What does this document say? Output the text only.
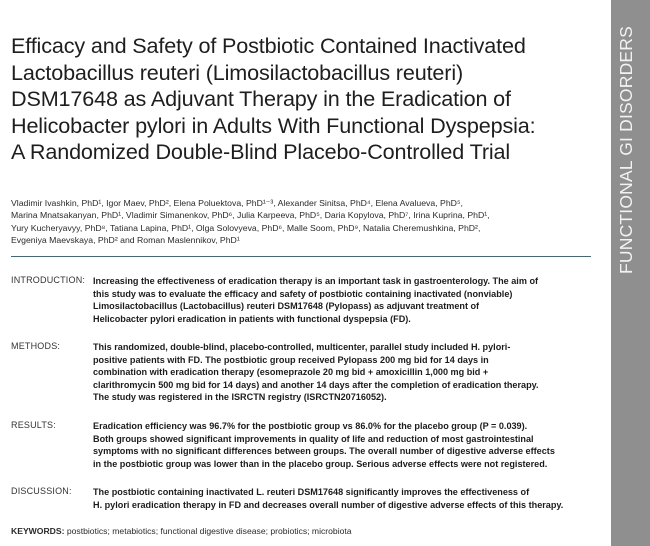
FUNCTIONAL GI DISORDERS
Efficacy and Safety of Postbiotic Contained Inactivated
Lactobacillus reuteri (Limosilactobacillus reuteri)
DSM17648 as Adjuvant Therapy in the Eradication of
Helicobacter pylori in Adults With Functional Dyspepsia:
A Randomized Double-Blind Placebo-Controlled Trial
Vladimir Ivashkin, PhD¹, Igor Maev, PhD², Elena Poluektova, PhD¹⁻³, Alexander Sinitsa, PhD⁴, Elena Avalueva, PhD⁵,
Marina Mnatsakanyan, PhD¹, Vladimir Simanenkov, PhD⁶, Julia Karpeeva, PhD⁵, Daria Kopylova, PhD⁷, Irina Kuprina, PhD¹,
Yury Kucheryavyy, PhD⁸, Tatiana Lapina, PhD¹, Olga Solovyeva, PhD⁶, Malle Soom, PhD⁹, Natalia Cheremushkina, PhD²,
Evgeniya Maevskaya, PhD² and Roman Maslennikov, PhD¹
INTRODUCTION: Increasing the effectiveness of eradication therapy is an important task in gastroenterology. The aim of
this study was to evaluate the efficacy and safety of postbiotic containing inactivated (nonviable)
Limosilactobacillus (Lactobacillus) reuteri DSM17648 (Pylopass) as adjuvant treatment of
Helicobacter pylori eradication in patients with functional dyspepsia (FD).
METHODS:	This randomized, double-blind, placebo-controlled, multicenter, parallel study included H. pylori-
positive patients with FD. The postbiotic group received Pylopass 200 mg bid for 14 days in
combination with eradication therapy (esomeprazole 20 mg bid + amoxicillin 1,000 mg bid +
clarithromycin 500 mg bid for 14 days) and another 14 days after the completion of eradication therapy.
The study was registered in the ISRCTN registry (ISRCTN20716052).
RESULTS:	Eradication efficiency was 96.7% for the postbiotic group vs 86.0% for the placebo group (P = 0.039).
Both groups showed significant improvements in quality of life and reduction of most gastrointestinal
symptoms with no significant differences between groups. The overall number of digestive adverse effects
in the postbiotic group was lower than in the placebo group. Serious adverse effects were not registered.
DISCUSSION: The postbiotic containing inactivated L. reuteri DSM17648 significantly improves the effectiveness of
H. pylori eradication therapy in FD and decreases overall number of digestive adverse effects of this therapy.
KEYWORDS: postbiotics; metabiotics; functional digestive disease; probiotics; microbiota
